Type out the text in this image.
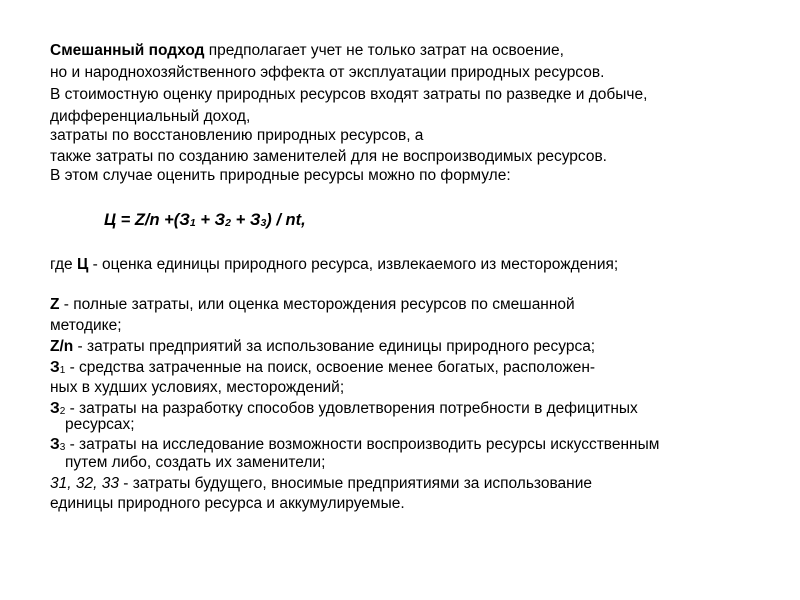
Смешанный подход предполагает учет не только затрат на освоение,
но и народнохозяйственного эффекта от эксплуатации природных ресурсов.
В стоимостную оценку природных ресурсов входят затраты по разведке и добыче,
дифференциальный доход,
затраты по восстановлению природных ресурсов, а
также затраты по созданию заменителей для не воспроизводимых ресурсов.
В этом случае оценить природные ресурсы можно по формуле:
Ц = Z/n +(З1 + З2 + З3) / nt,
где Ц - оценка единицы природного ресурса, извлекаемого из месторождения;
Z - полные затраты, или оценка месторождения ресурсов по смешанной
методике;
Z/n - затраты предприятий за использование единицы природного ресурса;
З1 - средства затраченные на поиск, освоение менее богатых, расположен-
ных в худших условиях, месторождений;
З2 - затраты на разработку способов удовлетворения потребности в дефицитных
ресурсах;
З3 - затраты на исследование возможности воспроизводить ресурсы искусственным
путем либо, создать их заменители;
31, 32, 33 - затраты будущего, вносимые предприятиями за использование
единицы природного ресурса и аккумулируемые.
